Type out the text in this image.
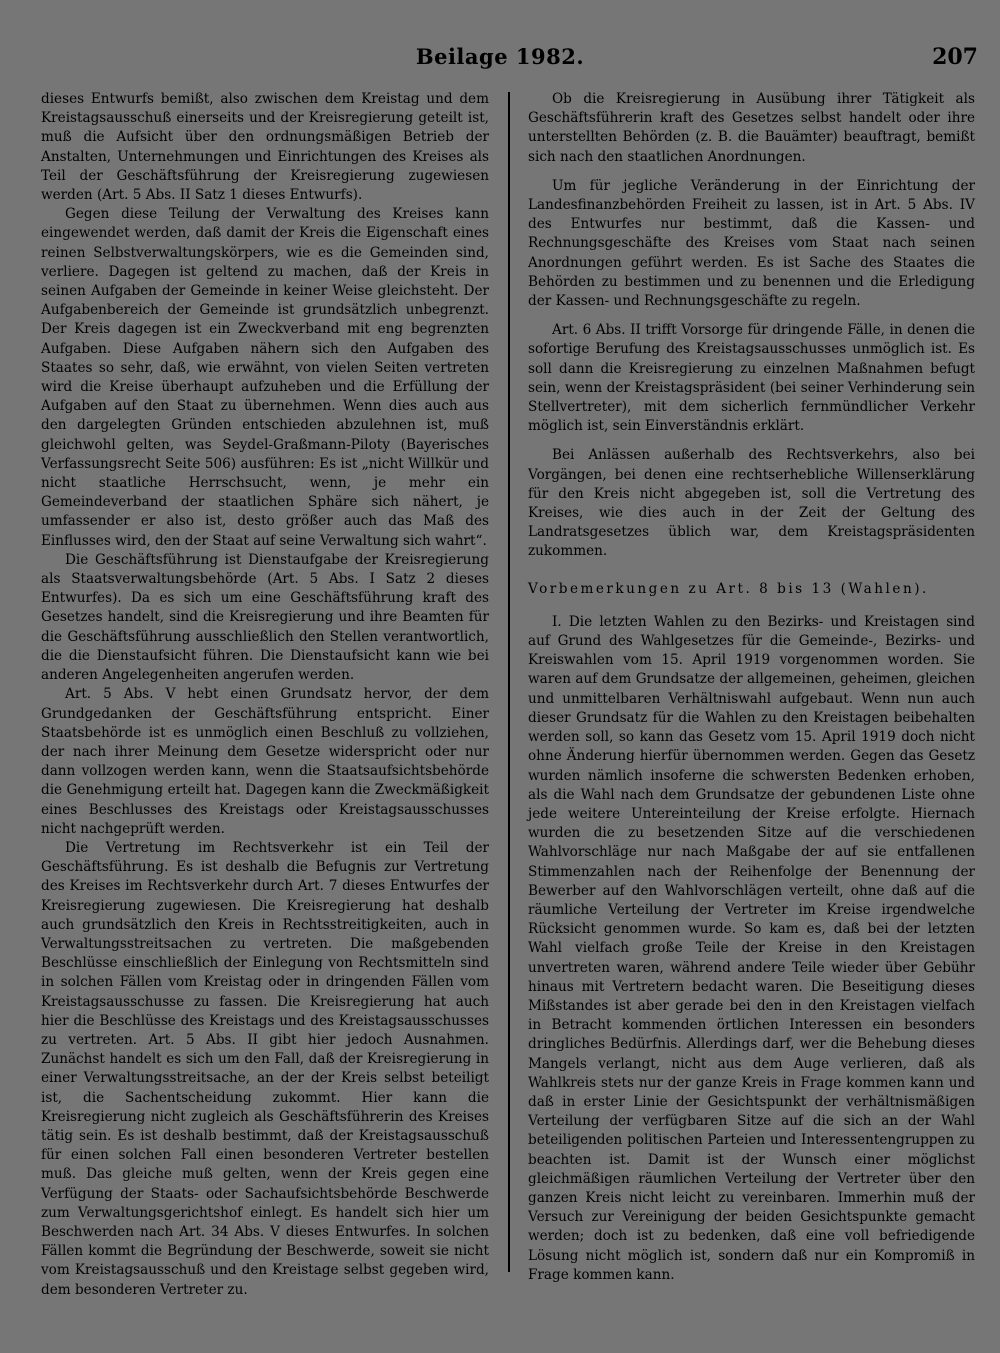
Beilage 1982.	207

dieses Entwurfs bemißt, also zwischen dem Kreistag und dem Kreistagsausschuß einerseits und der Kreisregierung geteilt ist, muß die Aufsicht über den ordnungsmäßigen Betrieb der Anstalten, Unternehmungen und Einrichtungen des Kreises als Teil der Geschäftsführung der Kreisregierung zugewiesen werden (Art. 5 Abs. II Satz 1 dieses Entwurfs).

Gegen diese Teilung der Verwaltung des Kreises kann eingewendet werden, daß damit der Kreis die Eigenschaft eines reinen Selbstverwaltungskörpers, wie es die Gemeinden sind, verliere. Dagegen ist geltend zu machen, daß der Kreis in seinen Aufgaben der Gemeinde in keiner Weise gleichsteht. Der Aufgabenbereich der Gemeinde ist grundsätzlich unbegrenzt. Der Kreis dagegen ist ein Zweckverband mit eng begrenzten Aufgaben. Diese Aufgaben nähern sich den Aufgaben des Staates so sehr, daß, wie erwähnt, von vielen Seiten vertreten wird die Kreise überhaupt aufzuheben und die Erfüllung der Aufgaben auf den Staat zu übernehmen. Wenn dies auch aus den dargelegten Gründen entschieden abzulehnen ist, muß gleichwohl gelten, was Seydel-Graßmann-Piloty (Bayerisches Verfassungsrecht Seite 506) ausführen: Es ist „nicht Willkür und nicht staatliche Herrschsucht, wenn, je mehr ein Gemeindeverband der staatlichen Sphäre sich nähert, je umfassender er also ist, desto größer auch das Maß des Einflusses wird, den der Staat auf seine Verwaltung sich wahrt“.

Die Geschäftsführung ist Dienstaufgabe der Kreisregierung als Staatsverwaltungsbehörde (Art. 5 Abs. I Satz 2 dieses Entwurfes). Da es sich um eine Geschäftsführung kraft des Gesetzes handelt, sind die Kreisregierung und ihre Beamten für die Geschäftsführung ausschließlich den Stellen verantwortlich, die die Dienstaufsicht führen. Die Dienstaufsicht kann wie bei anderen Angelegenheiten angerufen werden.

Art. 5 Abs. V hebt einen Grundsatz hervor, der dem Grundgedanken der Geschäftsführung entspricht. Einer Staatsbehörde ist es unmöglich einen Beschluß zu vollziehen, der nach ihrer Meinung dem Gesetze widerspricht oder nur dann vollzogen werden kann, wenn die Staatsaufsichtsbehörde die Genehmigung erteilt hat. Dagegen kann die Zweckmäßigkeit eines Beschlusses des Kreistags oder Kreistagsausschusses nicht nachgeprüft werden.

Die Vertretung im Rechtsverkehr ist ein Teil der Geschäftsführung. Es ist deshalb die Befugnis zur Vertretung des Kreises im Rechtsverkehr durch Art. 7 dieses Entwurfes der Kreisregierung zugewiesen. Die Kreisregierung hat deshalb auch grundsätzlich den Kreis in Rechtsstreitigkeiten, auch in Verwaltungsstreitsachen zu vertreten. Die maßgebenden Beschlüsse einschließlich der Einlegung von Rechtsmitteln sind in solchen Fällen vom Kreistag oder in dringenden Fällen vom Kreistagsausschusse zu fassen. Die Kreisregierung hat auch hier die Beschlüsse des Kreistags und des Kreistagsausschusses zu vertreten. Art. 5 Abs. II gibt hier jedoch Ausnahmen. Zunächst handelt es sich um den Fall, daß der Kreisregierung in einer Verwaltungsstreitsache, an der der Kreis selbst beteiligt ist, die Sachentscheidung zukommt. Hier kann die Kreisregierung nicht zugleich als Geschäftsführerin des Kreises tätig sein. Es ist deshalb bestimmt, daß der Kreistagsausschuß für einen solchen Fall einen besonderen Vertreter bestellen muß. Das gleiche muß gelten, wenn der Kreis gegen eine Verfügung der Staats- oder Sachaufsichtsbehörde Beschwerde zum Verwaltungsgerichtshof einlegt. Es handelt sich hier um Beschwerden nach Art. 34 Abs. V dieses Entwurfes. In solchen Fällen kommt die Begründung der Beschwerde, soweit sie nicht vom Kreistagsausschuß und den Kreistage selbst gegeben wird, dem besonderen Vertreter zu.

Ob die Kreisregierung in Ausübung ihrer Tätigkeit als Geschäftsführerin kraft des Gesetzes selbst handelt oder ihre unterstellten Behörden (z. B. die Bauämter) beauftragt, bemißt sich nach den staatlichen Anordnungen.

Um für jegliche Veränderung in der Einrichtung der Landesfinanzbehörden Freiheit zu lassen, ist in Art. 5 Abs. IV des Entwurfes nur bestimmt, daß die Kassen- und Rechnungsgeschäfte des Kreises vom Staat nach seinen Anordnungen geführt werden. Es ist Sache des Staates die Behörden zu bestimmen und zu benennen und die Erledigung der Kassen- und Rechnungsgeschäfte zu regeln.

Art. 6 Abs. II trifft Vorsorge für dringende Fälle, in denen die sofortige Berufung des Kreistagsausschusses unmöglich ist. Es soll dann die Kreisregierung zu einzelnen Maßnahmen befugt sein, wenn der Kreistagspräsident (bei seiner Verhinderung sein Stellvertreter), mit dem sicherlich fernmündlicher Verkehr möglich ist, sein Einverständnis erklärt.

Bei Anlässen außerhalb des Rechtsverkehrs, also bei Vorgängen, bei denen eine rechtserhebliche Willenserklärung für den Kreis nicht abgegeben ist, soll die Vertretung des Kreises, wie dies auch in der Zeit der Geltung des Landratsgesetzes üblich war, dem Kreistagspräsidenten zukommen.

Vorbemerkungen zu Art. 8 bis 13 (Wahlen).

I. Die letzten Wahlen zu den Bezirks- und Kreistagen sind auf Grund des Wahlgesetzes für die Gemeinde-, Bezirks- und Kreiswahlen vom 15. April 1919 vorgenommen worden. Sie waren auf dem Grundsatze der allgemeinen, geheimen, gleichen und unmittelbaren Verhältniswahl aufgebaut. Wenn nun auch dieser Grundsatz für die Wahlen zu den Kreistagen beibehalten werden soll, so kann das Gesetz vom 15. April 1919 doch nicht ohne Änderung hierfür übernommen werden. Gegen das Gesetz wurden nämlich insoferne die schwersten Bedenken erhoben, als die Wahl nach dem Grundsatze der gebundenen Liste ohne jede weitere Untereinteilung der Kreise erfolgte. Hiernach wurden die zu besetzenden Sitze auf die verschiedenen Wahlvorschläge nur nach Maßgabe der auf sie entfallenen Stimmenzahlen nach der Reihenfolge der Benennung der Bewerber auf den Wahlvorschlägen verteilt, ohne daß auf die räumliche Verteilung der Vertreter im Kreise irgendwelche Rücksicht genommen wurde. So kam es, daß bei der letzten Wahl vielfach große Teile der Kreise in den Kreistagen unvertreten waren, während andere Teile wieder über Gebühr hinaus mit Vertretern bedacht waren. Die Beseitigung dieses Mißstandes ist aber gerade bei den in den Kreistagen vielfach in Betracht kommenden örtlichen Interessen ein besonders dringliches Bedürfnis. Allerdings darf, wer die Behebung dieses Mangels verlangt, nicht aus dem Auge verlieren, daß als Wahlkreis stets nur der ganze Kreis in Frage kommen kann und daß in erster Linie der Gesichtspunkt der verhältnismäßigen Verteilung der verfügbaren Sitze auf die sich an der Wahl beteiligenden politischen Parteien und Interessentengruppen zu beachten ist. Damit ist der Wunsch einer möglichst gleichmäßigen räumlichen Verteilung der Vertreter über den ganzen Kreis nicht leicht zu vereinbaren. Immerhin muß der Versuch zur Vereinigung der beiden Gesichtspunkte gemacht werden; doch ist zu bedenken, daß eine voll befriedigende Lösung nicht möglich ist, sondern daß nur ein Kompromiß in Frage kommen kann.
